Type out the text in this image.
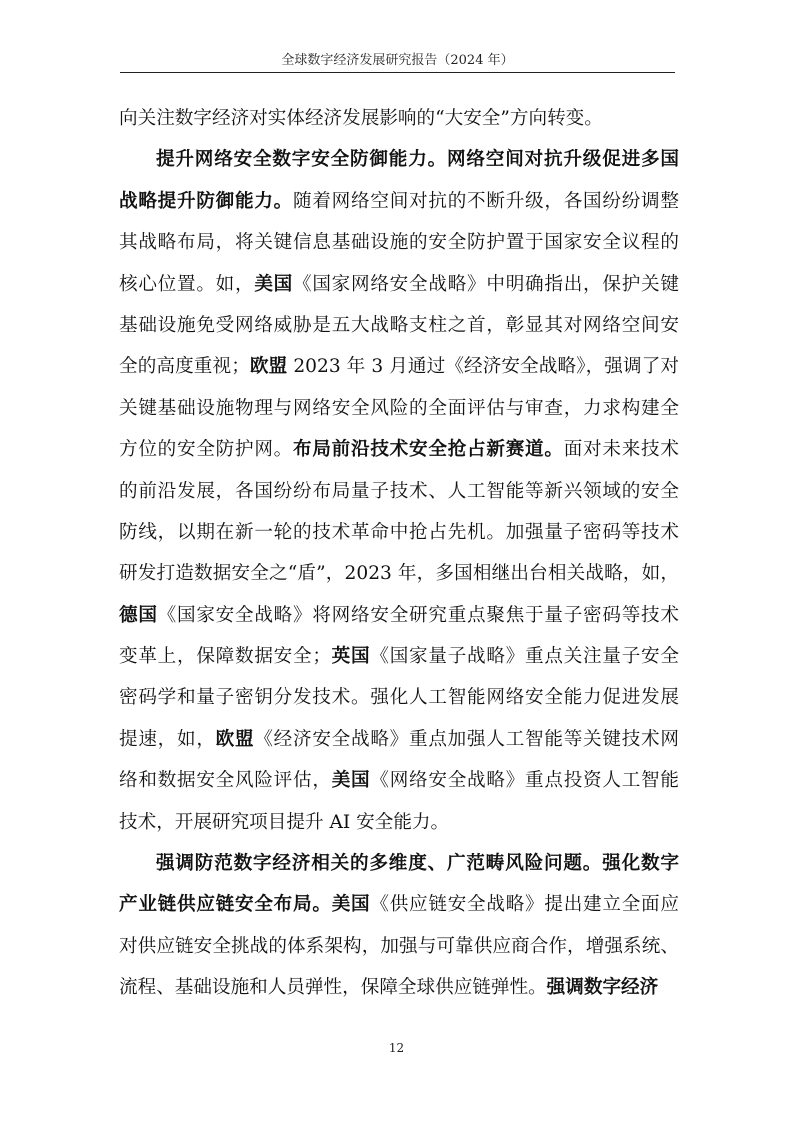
全球数字经济发展研究报告（2024 年）
向关注数字经济对实体经济发展影响的“大安全”方向转变。
提升网络安全数字安全防御能力。网络空间对抗升级促进多国
战略提升防御能力。随着网络空间对抗的不断升级，各国纷纷调整
其战略布局，将关键信息基础设施的安全防护置于国家安全议程的
核心位置。如，美国《国家网络安全战略》中明确指出，保护关键
基础设施免受网络威胁是五大战略支柱之首，彰显其对网络空间安
全的高度重视；欧盟 2023 年 3 月通过《经济安全战略》，强调了对
关键基础设施物理与网络安全风险的全面评估与审查，力求构建全
方位的安全防护网。布局前沿技术安全抢占新赛道。面对未来技术
的前沿发展，各国纷纷布局量子技术、人工智能等新兴领域的安全
防线，以期在新一轮的技术革命中抢占先机。加强量子密码等技术
研发打造数据安全之“盾”，2023 年，多国相继出台相关战略，如，
德国《国家安全战略》将网络安全研究重点聚焦于量子密码等技术
变革上，保障数据安全；英国《国家量子战略》重点关注量子安全
密码学和量子密钥分发技术。强化人工智能网络安全能力促进发展
提速，如，欧盟《经济安全战略》重点加强人工智能等关键技术网
络和数据安全风险评估，美国《网络安全战略》重点投资人工智能
技术，开展研究项目提升 AI 安全能力。
强调防范数字经济相关的多维度、广范畴风险问题。强化数字
产业链供应链安全布局。美国《供应链安全战略》提出建立全面应
对供应链安全挑战的体系架构，加强与可靠供应商合作，增强系统、
流程、基础设施和人员弹性，保障全球供应链弹性。强调数字经济
12
